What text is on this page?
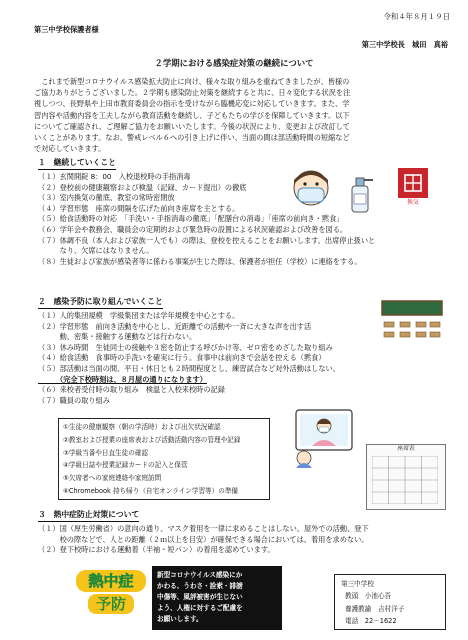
令和４年８月１９日
第三中学校保護者様
第三中学校長　城田　真裕
２学期における感染症対策の継続について
　これまで新型コロナウイルス感染拡大防止に向け、様々な取り組みを重ねてきましたが、皆様の
ご協力ありがとうございました。２学期も感染防止対策を継続すると共に、日々変化する状況を注
視しつつ、長野県や上田市教育委員会の指示を受けながら臨機応変に対応していきます。また、学
習内容や活動内容を工夫しながら教育活動を継続し、子どもたちの学びを保障していきます。以下
についてご確認され、ご理解ご協力をお願いいたします。今後の状況により、変更および改訂して
いくことがあります。なお、警戒レベル６への引き上げに伴い、当面の間は部活動時間の短縮など
で対応していきます。
１　継続していくこと
（１）玄関開錠 8：00　入校退校時の手指消毒
（２）登校前の健康観察および検温（記録、カード提出）の徹底
（３）室内換気の徹底、教室の常時密閉放
（４）学習形態　座席の間隔を広げた前向き座席を主とする。
（５）給食活動時の対応　「手洗い・手指消毒の徹底」「配膳台の消毒」「座席の前向き・黙食」
（６）学年会や教務会、職員会の定期的および緊急時の設置による状況確認および改善を図る。
（７）体調不良（本人および家族一人でも）の際は、登校を控えることをお願いします。出席停止扱いと
　　　なり、欠席にはなりません。
（８）生徒および家族が感染者等に係わる事案が生じた際は、保護者が担任（学校）に連絡をする。
換気
２　感染予防に取り組んでいくこと
（１）人的集団規模　学級集団または学年規模を中心とする。
（２）学習形態　前向き活動を中心とし、近距離での活動や一斉に大きな声を出す活
　　　動、密集・接触する運動などは行わない。
（３）休み時間　生徒同士の接触や３密を防止する呼びかけ等、ゼロ密をめざした取り組み
（４）給食活動　食事時の手洗いを確実に行う。食事中は前向きで会話を控える（黙食）
（５）部活動は当面の間、平日・休日とも２時間程度とし、練習試合など対外活動はしない。
　　　（完全下校時刻は、８月屋の通りになります）
（６）来校者受付時の取り組み　検温と入校来校時の記録
（７）職員の取り組み
①生徒の健康観察（朝の学活時）および出欠状況確認
②教室および授業の座席表および活動活動内容の管理や記録
③学級当番や日直生徒の確認
④学級日誌や授業記録カードの記入と保管
⑤欠席者への家庭連絡や家庭訪問
⑥Chromebook 持ち帰り（自宅オンライン学習等）の準備
座席表
３　熱中症防止対策について
（１）国（厚生労働省）の意向の通り、マスク着用を一律に求めることはしない。屋外での活動、登下
　　　校の際などで、人との距離（２ｍ以上を目安）が確保できる場合においては、着用を求めない。
（２）登下校時における運動着（半袖・短パン）の着用を認めています。
熱中症
予防
新型コロナウイルス感染にか
かわる、うわさ・詮索・誹謗
中傷等、風評被害が生じない
よう、人権に対するご配慮を
お願いします。
第三中学校
教頭　小池心吾
養護教諭　吉村洋子
電話　22－1622
